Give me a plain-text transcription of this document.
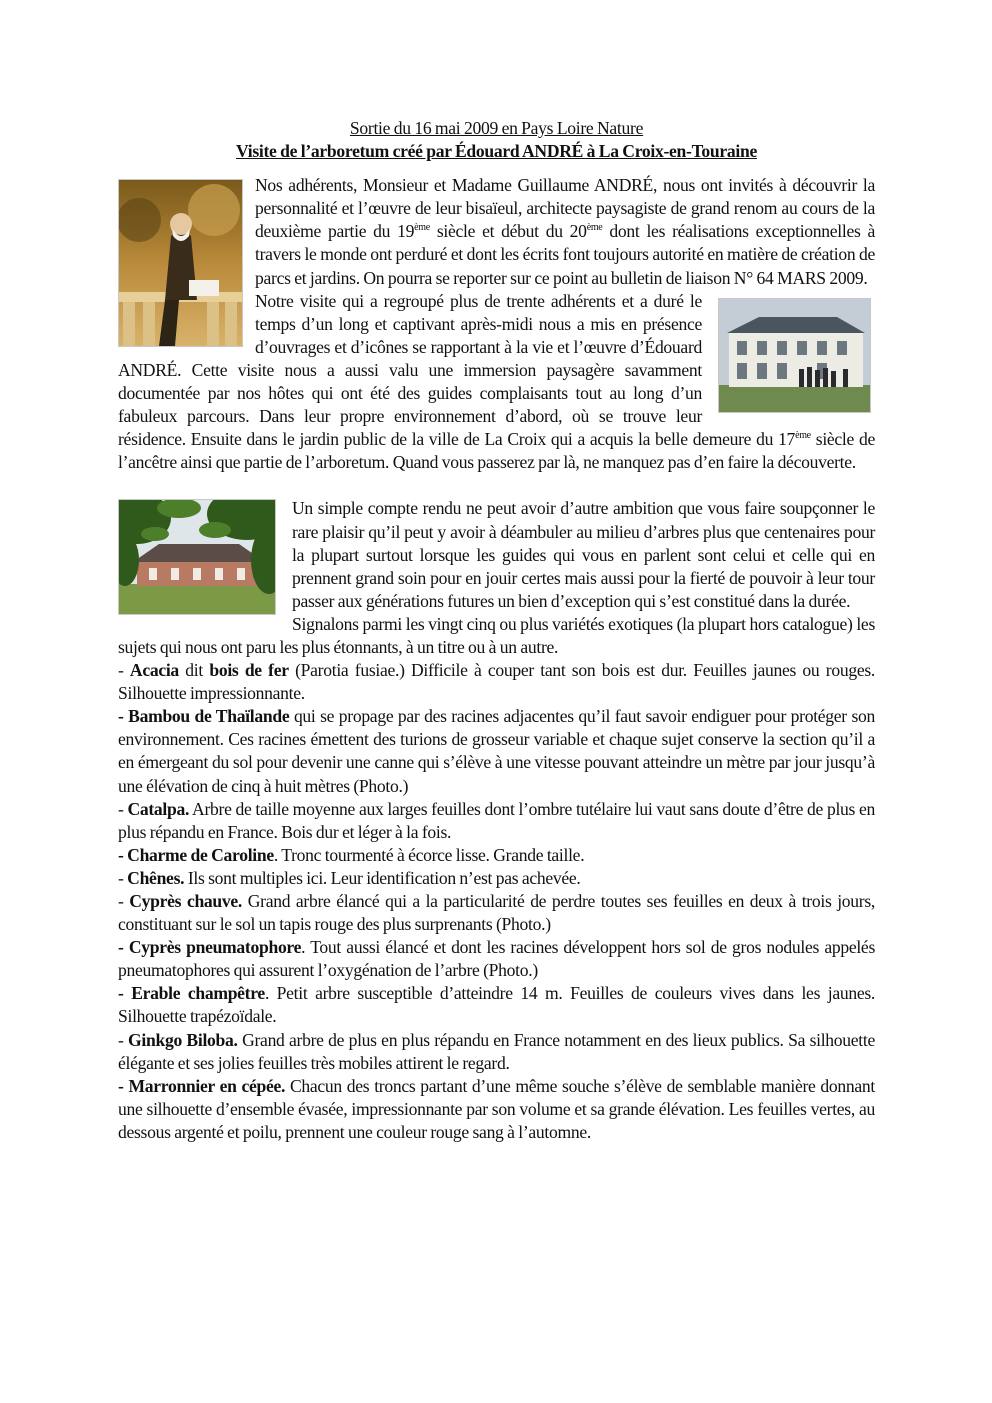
Sortie du 16 mai 2009 en Pays Loire Nature

Visite de l’arboretum créé par Édouard ANDRÉ à La Croix-en-Touraine

Nos adhérents, Monsieur et Madame Guillaume ANDRÉ, nous ont invités à découvrir la personnalité et l’œuvre de leur bisaïeul, architecte paysagiste de grand renom au cours de la deuxième partie du 19ème siècle et début du 20ème dont les réalisations exceptionnelles à travers le monde ont perduré et dont les écrits font toujours autorité en matière de création de parcs et jardins. On pourra se reporter sur ce point au bulletin de liaison N° 64 MARS 2009.

Notre visite qui a regroupé plus de trente adhérents et a duré le temps d’un long et captivant après-midi nous a mis en présence d’ouvrages et d’icônes se rapportant à la vie et l’œuvre d’Édouard ANDRÉ. Cette visite nous a aussi valu une immersion paysagère savamment documentée par nos hôtes qui ont été des guides complaisants tout au long d’un fabuleux parcours. Dans leur propre environnement d’abord, où se trouve leur résidence. Ensuite dans le jardin public de la ville de La Croix qui a acquis la belle demeure du 17ème siècle de l’ancêtre ainsi que partie de l’arboretum. Quand vous passerez par là, ne manquez pas d’en faire la découverte.

Un simple compte rendu ne peut avoir d’autre ambition que vous faire soupçonner le rare plaisir qu’il peut y avoir à déambuler au milieu d’arbres plus que centenaires pour la plupart surtout lorsque les guides qui vous en parlent sont celui et celle qui en prennent grand soin pour en jouir certes mais aussi pour la fierté de pouvoir à leur tour passer aux générations futures un bien d’exception qui s’est constitué dans la durée.

Signalons parmi les vingt cinq ou plus variétés exotiques (la plupart hors catalogue) les sujets qui nous ont paru les plus étonnants, à un titre ou à un autre.

- Acacia dit bois de fer (Parotia fusiae.) Difficile à couper tant son bois est dur. Feuilles jaunes ou rouges. Silhouette impressionnante.

- Bambou de Thaïlande qui se propage par des racines adjacentes qu’il faut savoir endiguer pour protéger son environnement. Ces racines émettent des turions de grosseur variable et chaque sujet conserve la section qu’il a en émergeant du sol pour devenir une canne qui s’élève à une vitesse pouvant atteindre un mètre par jour jusqu’à une élévation de cinq à huit mètres (Photo.)

- Catalpa. Arbre de taille moyenne aux larges feuilles dont l’ombre tutélaire lui vaut sans doute d’être de plus en plus répandu en France. Bois dur et léger à la fois.

- Charme de Caroline. Tronc tourmenté à écorce lisse. Grande taille.

- Chênes. Ils sont multiples ici. Leur identification n’est pas achevée.

- Cyprès chauve. Grand arbre élancé qui a la particularité de perdre toutes ses feuilles en deux à trois jours, constituant sur le sol un tapis rouge des plus surprenants (Photo.)

- Cyprès pneumatophore. Tout aussi élancé et dont les racines développent hors sol de gros nodules appelés pneumatophores qui assurent l’oxygénation de l’arbre (Photo.)

- Erable champêtre. Petit arbre susceptible d’atteindre 14 m. Feuilles de couleurs vives dans les jaunes. Silhouette trapézoïdale.

- Ginkgo Biloba. Grand arbre de plus en plus répandu en France notamment en des lieux publics. Sa silhouette élégante et ses jolies feuilles très mobiles attirent le regard.

- Marronnier en cépée. Chacun des troncs partant d’une même souche s’élève de semblable manière donnant une silhouette d’ensemble évasée, impressionnante par son volume et sa grande élévation. Les feuilles vertes, au dessous argenté et poilu, prennent une couleur rouge sang à l’automne.
